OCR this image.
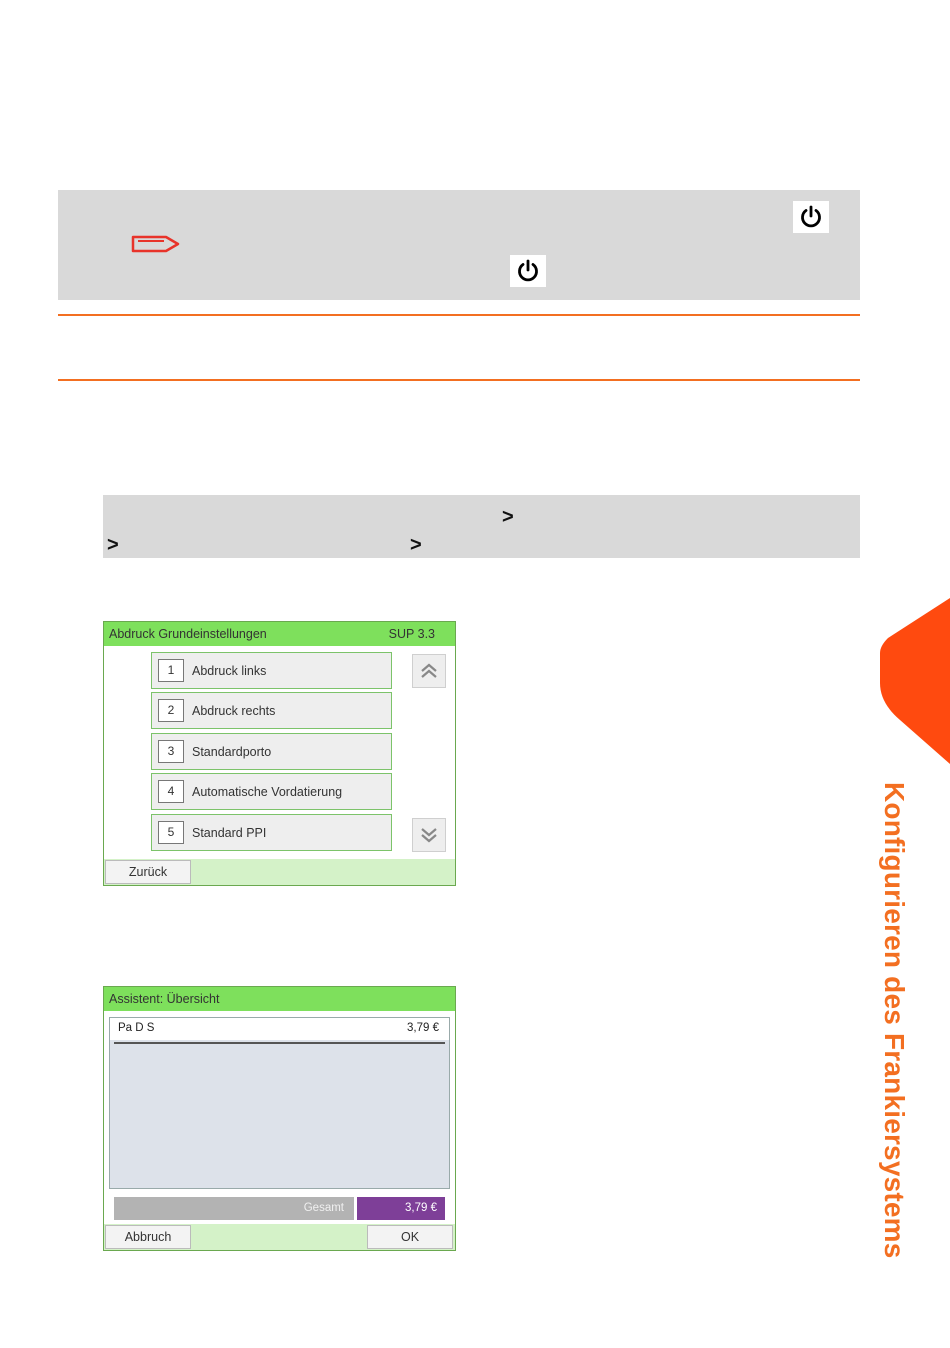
>
>	>
Abdruck Grundeinstellungen	SUP 3.3
1	Abdruck links
2	Abdruck rechts
3	Standardporto
4	Automatische Vordatierung
5	Standard PPI
Zurück
Assistent: Übersicht
Pa D S	3,79 €
Gesamt	3,79 €
Abbruch	OK	Konfigurieren des Frankiersystems
